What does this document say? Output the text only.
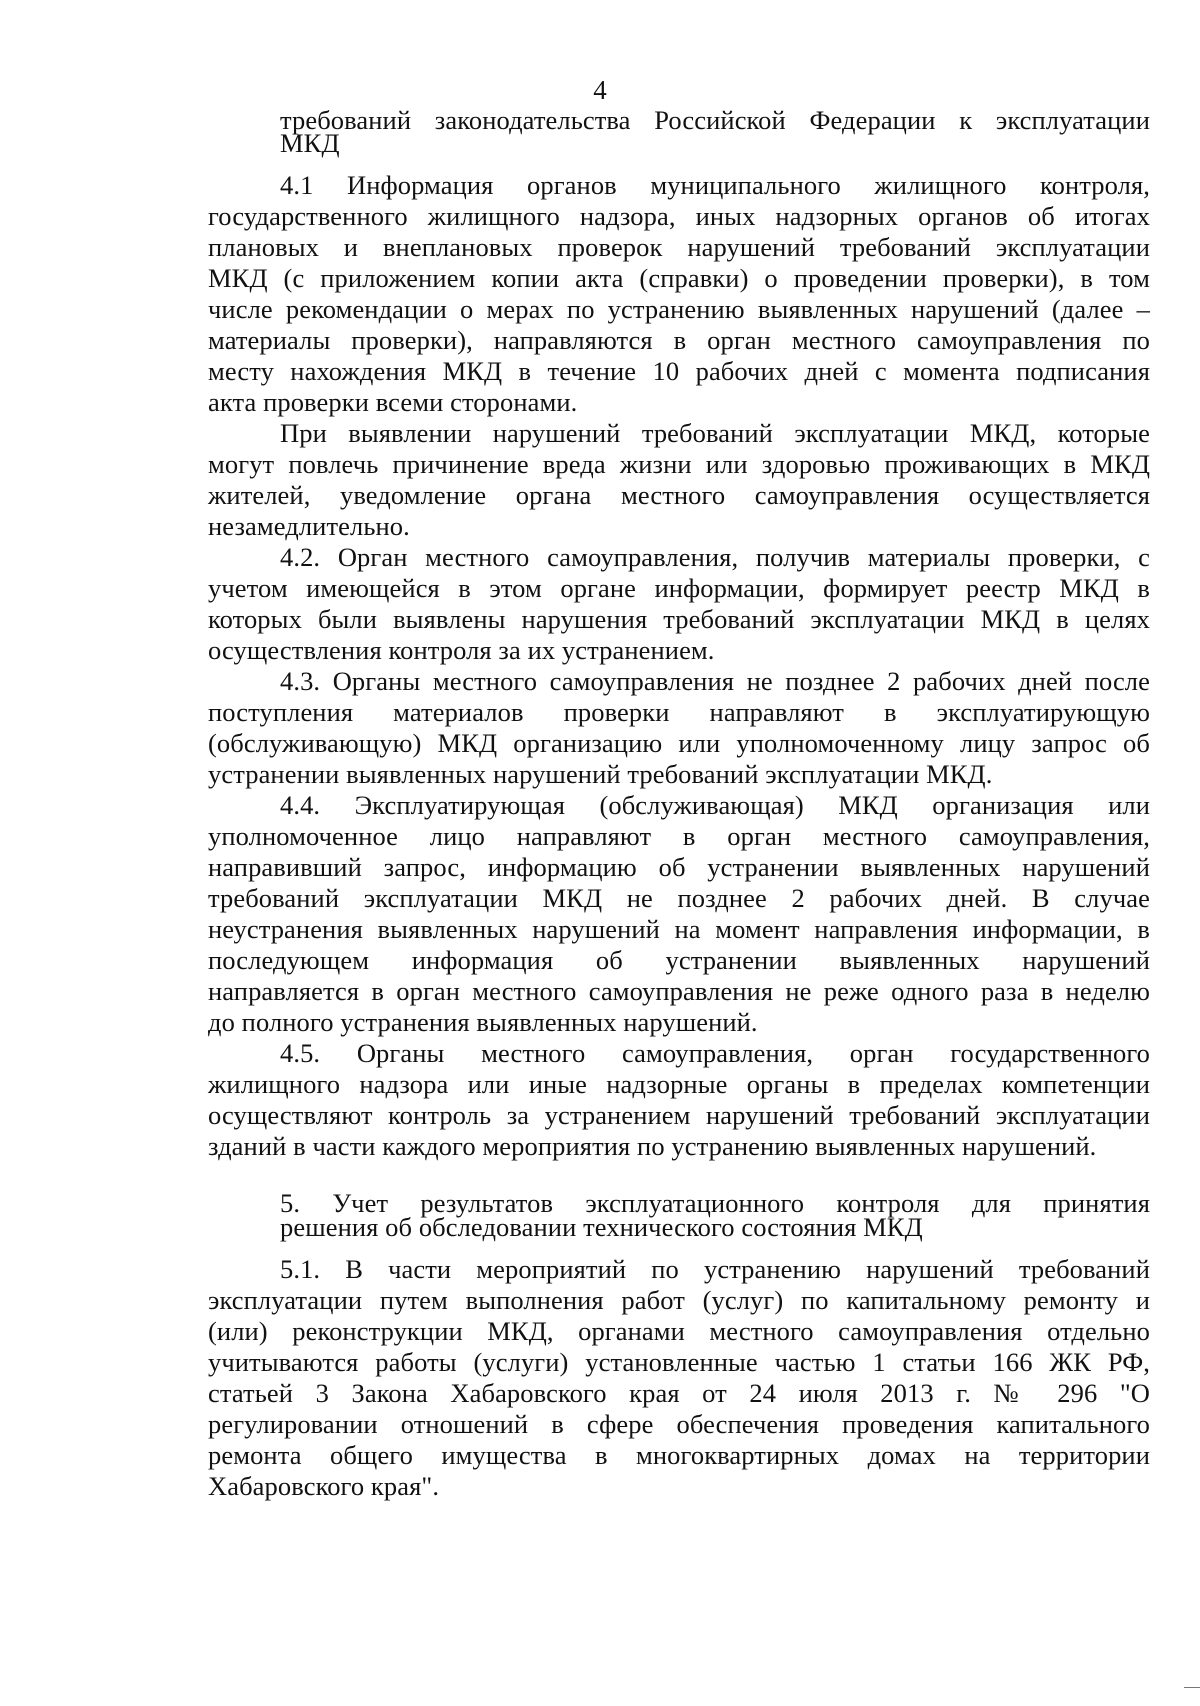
4
требований законодательства Российской Федерации к эксплуатации
МКД
4.1 Информация органов муниципального жилищного контроля,
государственного жилищного надзора, иных надзорных органов об итогах
плановых и внеплановых проверок нарушений требований эксплуатации
МКД (с приложением копии акта (справки) о проведении проверки), в том
числе рекомендации о мерах по устранению выявленных нарушений (далее –
материалы проверки), направляются в орган местного самоуправления по
месту нахождения МКД в течение 10 рабочих дней с момента подписания
акта проверки всеми сторонами.
При выявлении нарушений требований эксплуатации МКД, которые
могут повлечь причинение вреда жизни или здоровью проживающих в МКД
жителей, уведомление органа местного самоуправления осуществляется
незамедлительно.
4.2. Орган местного самоуправления, получив материалы проверки, с
учетом имеющейся в этом органе информации, формирует реестр МКД в
которых были выявлены нарушения требований эксплуатации МКД в целях
осуществления контроля за их устранением.
4.3. Органы местного самоуправления не позднее 2 рабочих дней после
поступления материалов проверки направляют в эксплуатирующую
(обслуживающую) МКД организацию или уполномоченному лицу запрос об
устранении выявленных нарушений требований эксплуатации МКД.
4.4. Эксплуатирующая (обслуживающая) МКД организация или
уполномоченное лицо направляют в орган местного самоуправления,
направивший запрос, информацию об устранении выявленных нарушений
требований эксплуатации МКД не позднее 2 рабочих дней. В случае
неустранения выявленных нарушений на момент направления информации, в
последующем информация об устранении выявленных нарушений
направляется в орган местного самоуправления не реже одного раза в неделю
до полного устранения выявленных нарушений.
4.5. Органы местного самоуправления, орган государственного
жилищного надзора или иные надзорные органы в пределах компетенции
осуществляют контроль за устранением нарушений требований эксплуатации
зданий в части каждого мероприятия по устранению выявленных нарушений.
5. Учет результатов эксплуатационного контроля для принятия
решения об обследовании технического состояния МКД
5.1. В части мероприятий по устранению нарушений требований
эксплуатации путем выполнения работ (услуг) по капитальному ремонту и
(или) реконструкции МКД, органами местного самоуправления отдельно
учитываются работы (услуги) установленные частью 1 статьи 166 ЖК РФ,
статьей 3 Закона Хабаровского края от 24 июля 2013 г. № 296 "О
регулировании отношений в сфере обеспечения проведения капитального
ремонта общего имущества в многоквартирных домах на территории
Хабаровского края".
